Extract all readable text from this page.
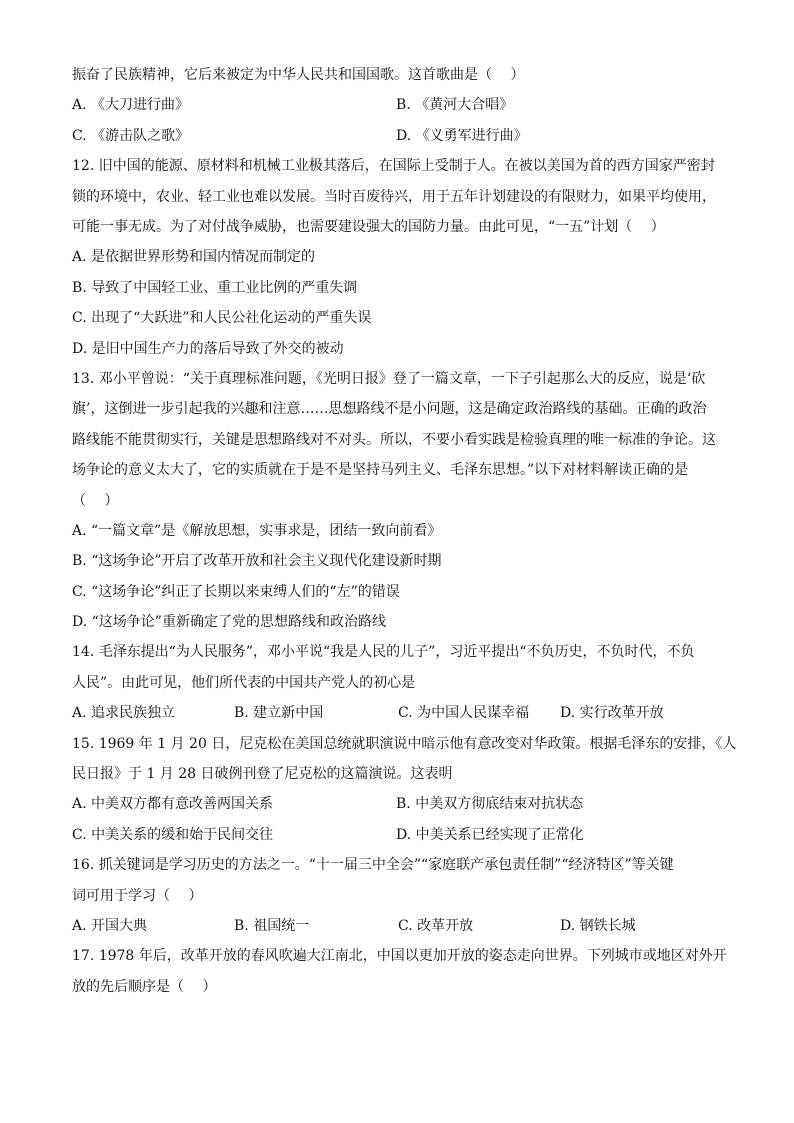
振奋了民族精神，它后来被定为中华人民共和国国歌。这首歌曲是（　 ）
A. 《大刀进行曲》	B. 《黄河大合唱》
C. 《游击队之歌》	D. 《义勇军进行曲》
12. 旧中国的能源、原材料和机械工业极其落后，在国际上受制于人。在被以美国为首的西方国家严密封
锁的环境中，农业、轻工业也难以发展。当时百废待兴，用于五年计划建设的有限财力，如果平均使用，
可能一事无成。为了对付战争威胁，也需要建设强大的国防力量。由此可见，“一五”计划（　 ）
A. 是依据世界形势和国内情况而制定的
B. 导致了中国轻工业、重工业比例的严重失调
C. 出现了“大跃进”和人民公社化运动的严重失误
D. 是旧中国生产力的落后导致了外交的被动
13. 邓小平曾说：“关于真理标准问题，《光明日报》登了一篇文章，一下子引起那么大的反应，说是‘砍
旗’，这倒进一步引起我的兴趣和注意……思想路线不是小问题，这是确定政治路线的基础。正确的政治
路线能不能贯彻实行，关键是思想路线对不对头。所以，不要小看实践是检验真理的唯一标准的争论。这
场争论的意义太大了，它的实质就在于是不是坚持马列主义、毛泽东思想。”以下对材料解读正确的是
（　 ）
A. “一篇文章”是《解放思想，实事求是，团结一致向前看》
B. “这场争论”开启了改革开放和社会主义现代化建设新时期
C. “这场争论”纠正了长期以来束缚人们的“左”的错误
D. “这场争论”重新确定了党的思想路线和政治路线
14. 毛泽东提出“为人民服务”，邓小平说“我是人民的儿子”，习近平提出“不负历史，不负时代，不负
人民”。由此可见，他们所代表的中国共产党人的初心是
A. 追求民族独立	B. 建立新中国	C. 为中国人民谋幸福	D. 实行改革开放
15. 1969 年 1 月 20 日，尼克松在美国总统就职演说中暗示他有意改变对华政策。根据毛泽东的安排，《人
民日报》于 1 月 28 日破例刊登了尼克松的这篇演说。这表明
A. 中美双方都有意改善两国关系	B. 中美双方彻底结束对抗状态
C. 中美关系的缓和始于民间交往	D. 中美关系已经实现了正常化
16. 抓关键词是学习历史的方法之一。“十一届三中全会”“家庭联产承包责任制”“经济特区”等关键
词可用于学习（　 ）
A. 开国大典	B. 祖国统一	C. 改革开放	D. 钢铁长城
17. 1978 年后，改革开放的春风吹遍大江南北，中国以更加开放的姿态走向世界。下列城市或地区对外开
放的先后顺序是（　 ）
